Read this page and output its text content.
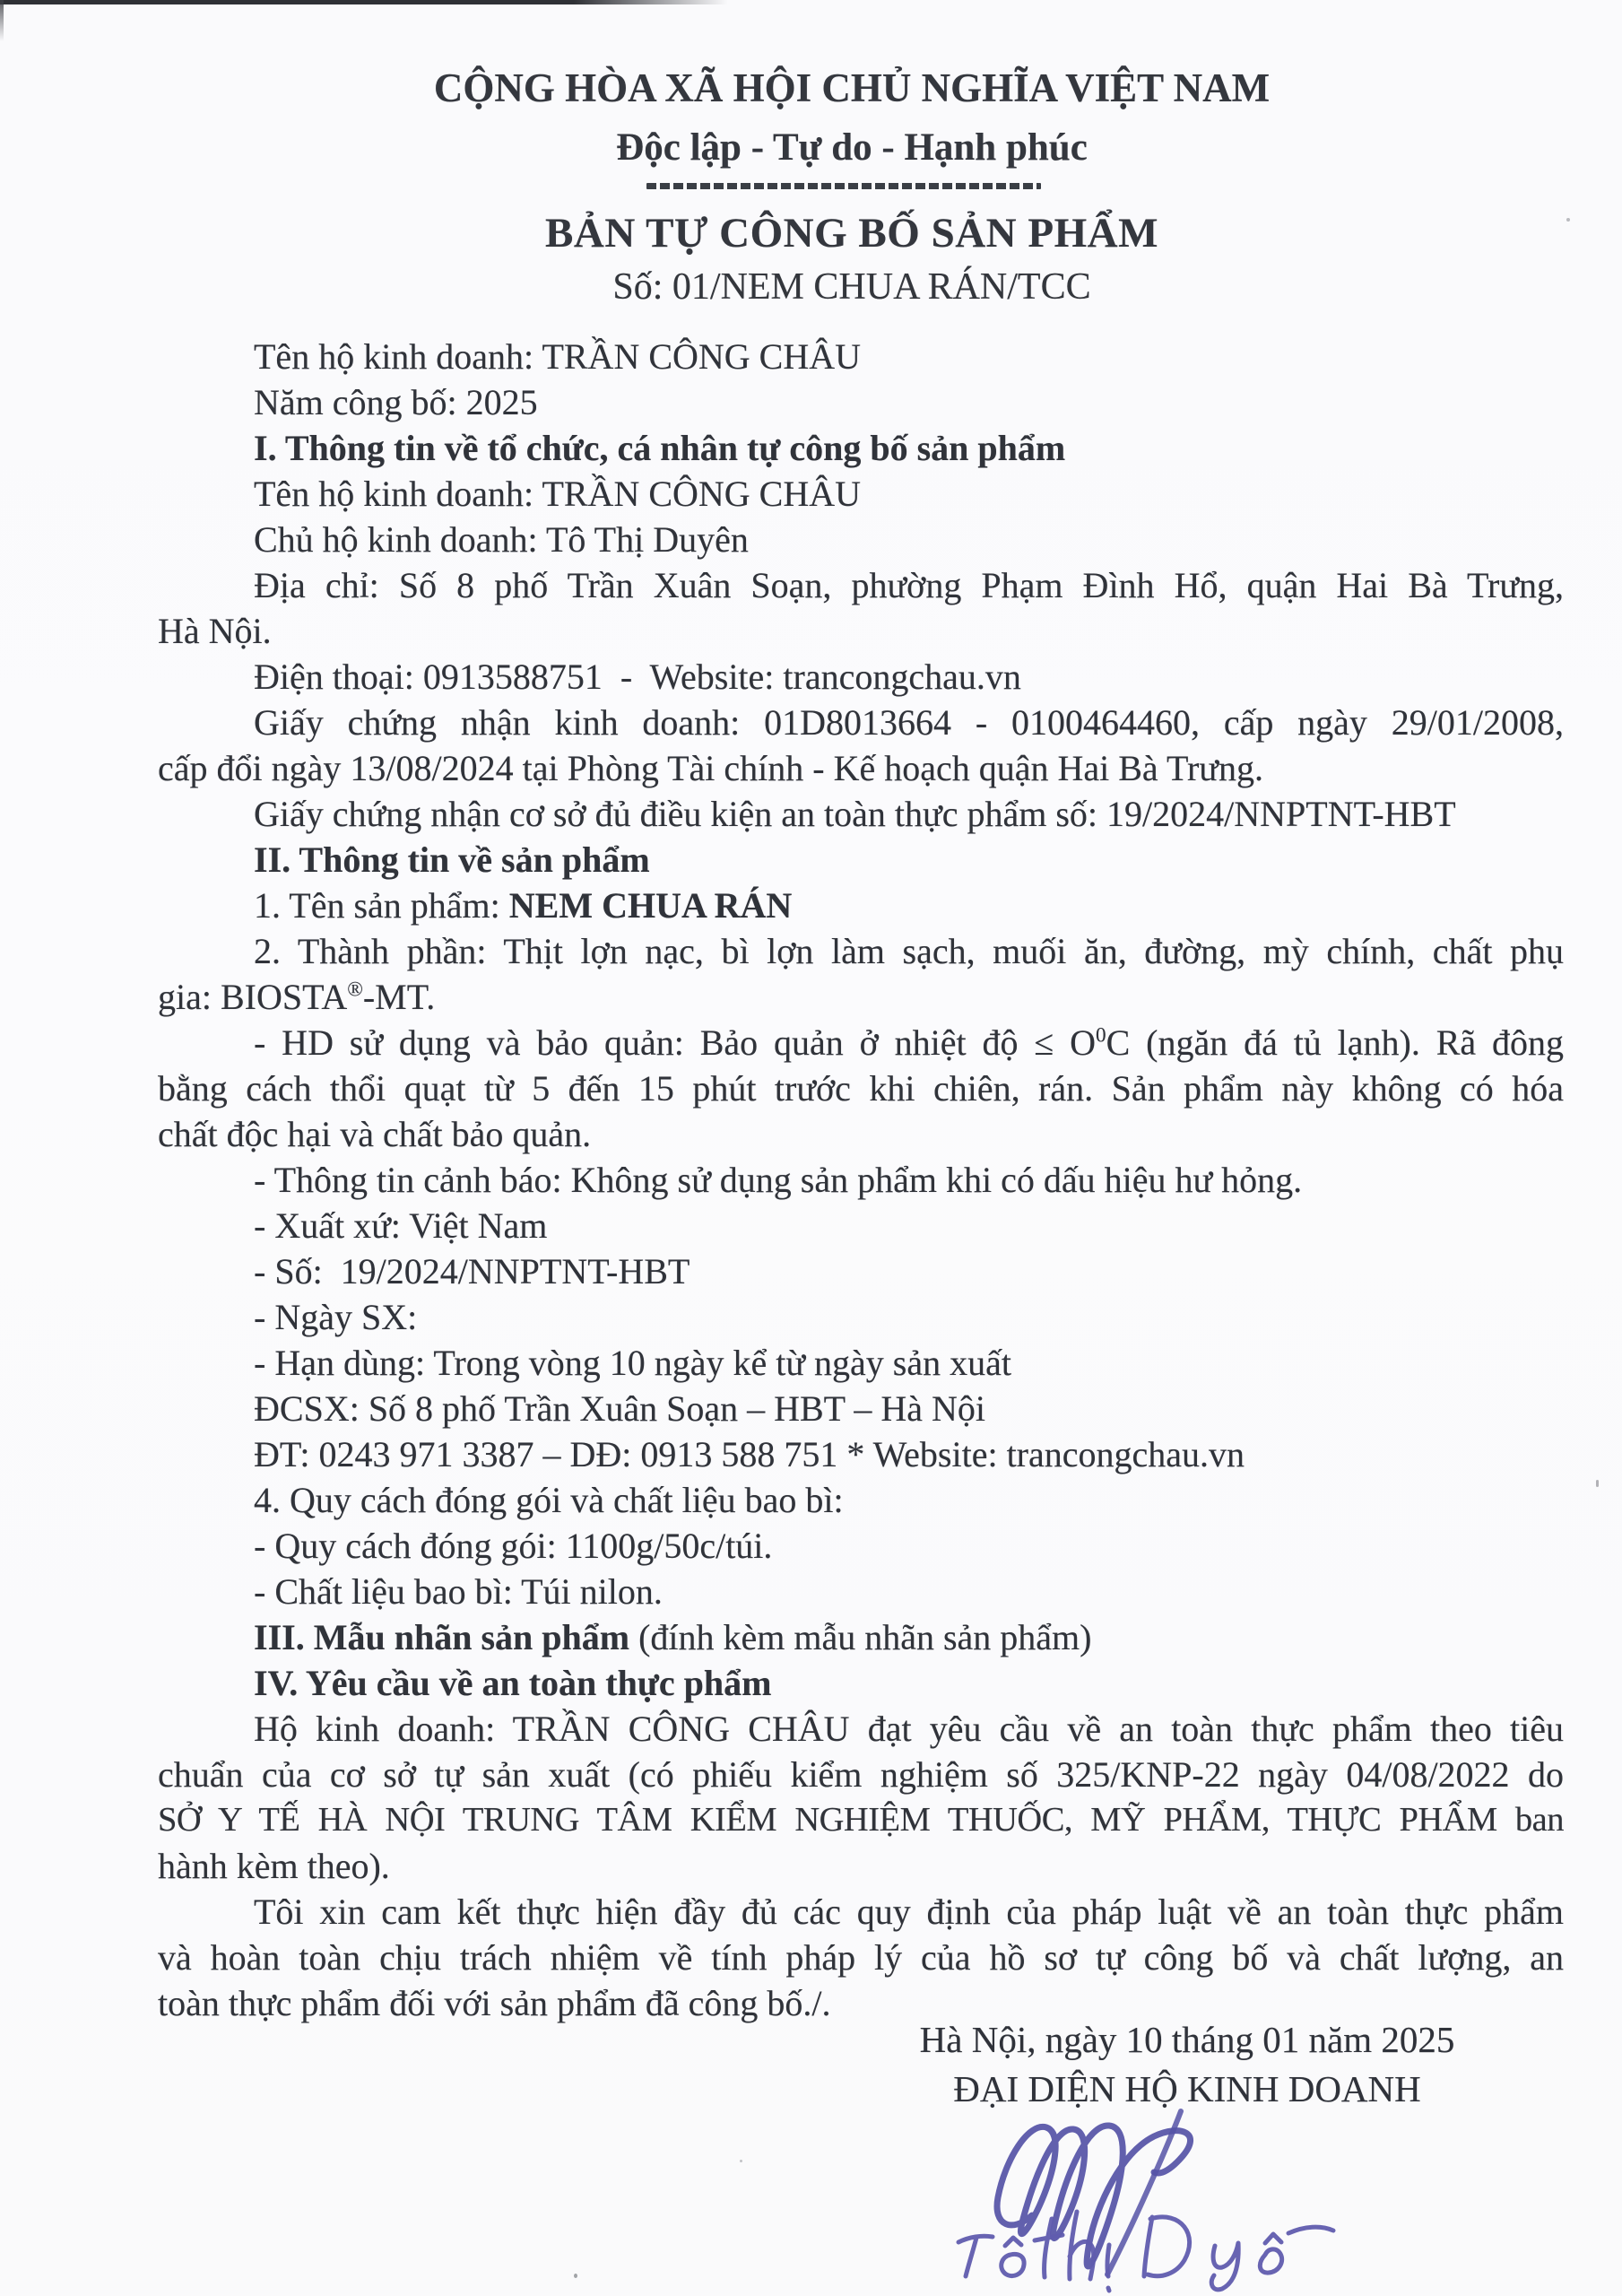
CỘNG HÒA XÃ HỘI CHỦ NGHĨA VIỆT NAM
Độc lập - Tự do - Hạnh phúc
BẢN TỰ CÔNG BỐ SẢN PHẨM
Số: 01/NEM CHUA RÁN/TCC
Tên hộ kinh doanh: TRẦN CÔNG CHÂU
Năm công bố: 2025
I. Thông tin về tổ chức, cá nhân tự công bố sản phẩm
Tên hộ kinh doanh: TRẦN CÔNG CHÂU
Chủ hộ kinh doanh: Tô Thị Duyên
Địa chỉ: Số 8 phố Trần Xuân Soạn, phường Phạm Đình Hổ, quận Hai Bà Trưng,
Hà Nội.
Điện thoại: 0913588751  -  Website: trancongchau.vn
Giấy chứng nhận kinh doanh: 01D8013664 - 0100464460, cấp ngày 29/01/2008,
cấp đổi ngày 13/08/2024 tại Phòng Tài chính - Kế hoạch quận Hai Bà Trưng.
Giấy chứng nhận cơ sở đủ điều kiện an toàn thực phẩm số: 19/2024/NNPTNT-HBT
II. Thông tin về sản phẩm
1. Tên sản phẩm: NEM CHUA RÁN
2. Thành phần: Thịt lợn nạc, bì lợn làm sạch, muối ăn, đường, mỳ chính, chất phụ
gia: BIOSTA®-MT.
- HD sử dụng và bảo quản: Bảo quản ở nhiệt độ ≤ $O^0C$ (ngăn đá tủ lạnh). Rã đông
bằng cách thổi quạt từ 5 đến 15 phút trước khi chiên, rán. Sản phẩm này không có hóa
chất độc hại và chất bảo quản.
- Thông tin cảnh báo: Không sử dụng sản phẩm khi có dấu hiệu hư hỏng.
- Xuất xứ: Việt Nam
- Số:  19/2024/NNPTNT-HBT
- Ngày SX:
- Hạn dùng: Trong vòng 10 ngày kể từ ngày sản xuất
ĐCSX: Số 8 phố Trần Xuân Soạn – HBT – Hà Nội
ĐT: 0243 971 3387 – DĐ: 0913 588 751 * Website: trancongchau.vn
4. Quy cách đóng gói và chất liệu bao bì:
- Quy cách đóng gói: 1100g/50c/túi.
- Chất liệu bao bì: Túi nilon.
III. Mẫu nhãn sản phẩm (đính kèm mẫu nhãn sản phẩm)
IV. Yêu cầu về an toàn thực phẩm
Hộ kinh doanh: TRẦN CÔNG CHÂU đạt yêu cầu về an toàn thực phẩm theo tiêu
chuẩn của cơ sở tự sản xuất (có phiếu kiểm nghiệm số 325/KNP-22 ngày 04/08/2022 do
SỞ Y TẾ HÀ NỘI TRUNG TÂM KIỂM NGHIỆM THUỐC, MỸ PHẨM, THỰC PHẨM ban
hành kèm theo).
Tôi xin cam kết thực hiện đầy đủ các quy định của pháp luật về an toàn thực phẩm
và hoàn toàn chịu trách nhiệm về tính pháp lý của hồ sơ tự công bố và chất lượng, an
toàn thực phẩm đối với sản phẩm đã công bố./.
Hà Nội, ngày 10 tháng 01 năm 2025
ĐẠI DIỆN HỘ KINH DOANH
